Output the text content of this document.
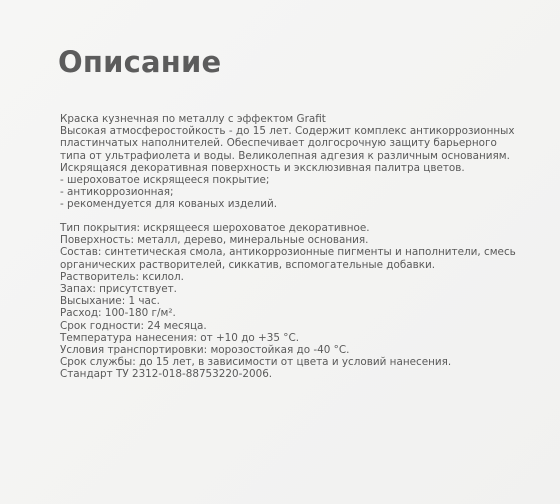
Описание
Краска кузнечная по металлу с эффектом Grafit
Высокая атмосферостойкость - до 15 лет. Содержит комплекс антикоррозионных
пластинчатых наполнителей. Обеспечивает долгосрочную защиту барьерного
типа от ультрафиолета и воды. Великолепная адгезия к различным основаниям.
Искрящаяся декоративная поверхность и эксклюзивная палитра цветов.
- шероховатое искрящееся покрытие;
- антикоррозионная;
- рекомендуется для кованых изделий.
Тип покрытия: искрящееся шероховатое декоративное.
Поверхность: металл, дерево, минеральные основания.
Состав: синтетическая смола, антикоррозионные пигменты и наполнители, смесь
органических растворителей, сиккатив, вспомогательные добавки.
Растворитель: ксилол.
Запах: присутствует.
Высыхание: 1 час.
Расход: 100-180 г/м².
Срок годности: 24 месяца.
Температура нанесения: от +10 до +35 °С.
Условия транспортировки: морозостойкая до -40 °С.
Срок службы: до 15 лет, в зависимости от цвета и условий нанесения.
Стандарт ТУ 2312-018-88753220-2006.
